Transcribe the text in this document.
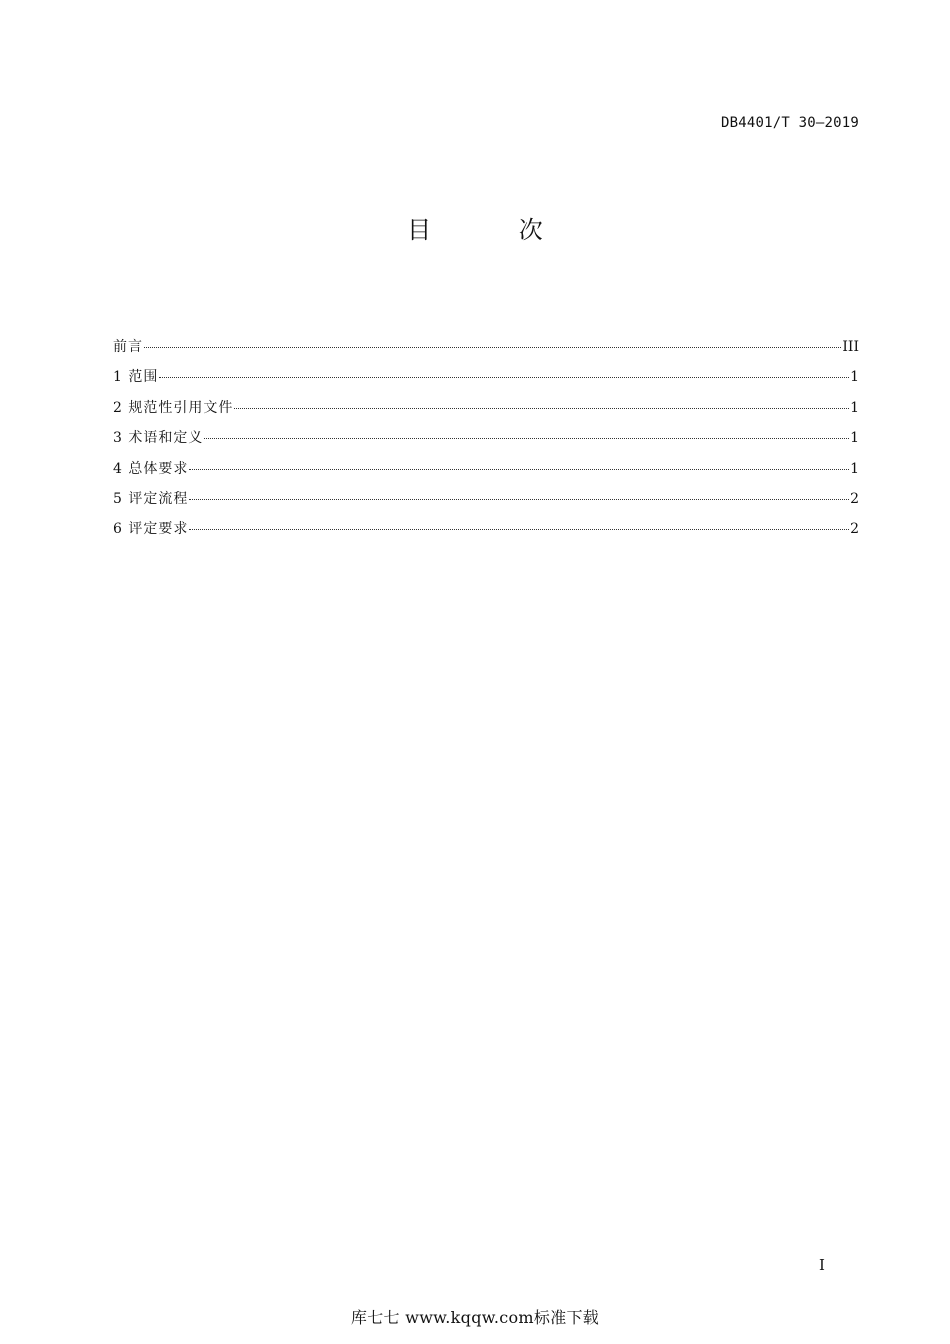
DB4401/T 30—2019
目 次
前言	III
1 范围	1
2 规范性引用文件	1
3 术语和定义	1
4 总体要求	1
5 评定流程	2
6 评定要求	2
I
库七七 www.kqqw.com标准下载
